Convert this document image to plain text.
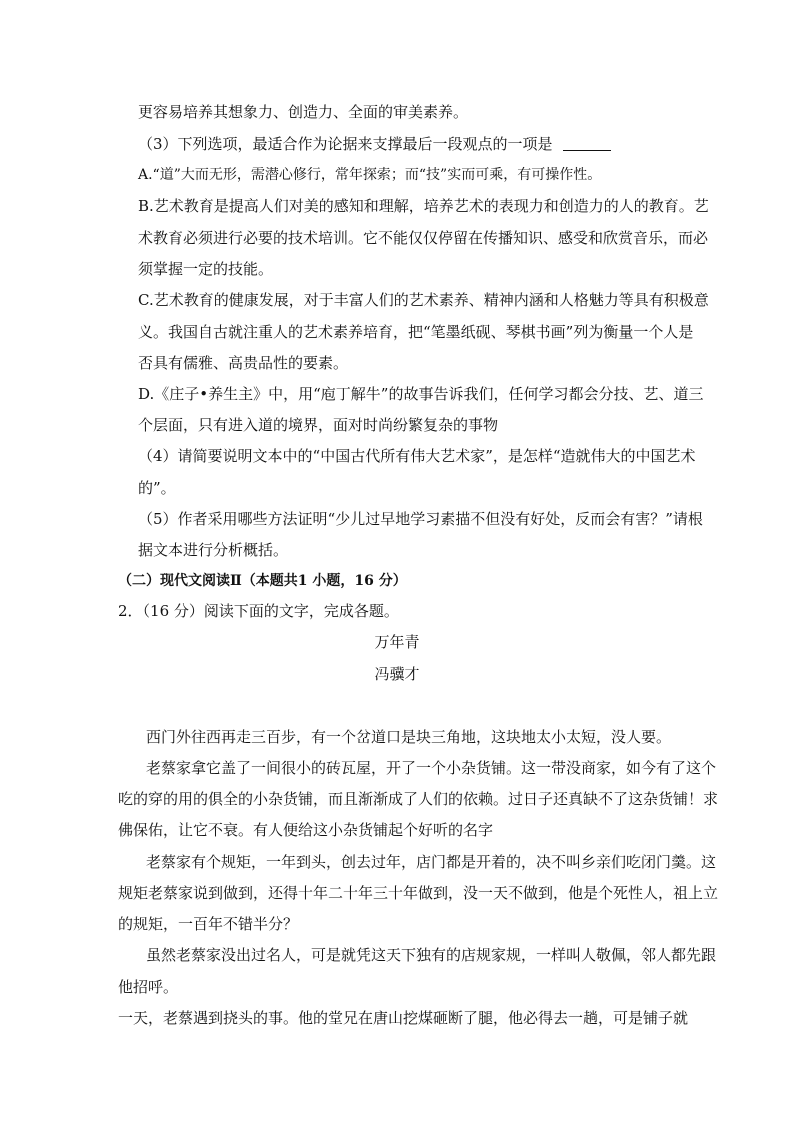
更容易培养其想象力、创造力、全面的审美素养。
（3）下列选项，最适合作为论据来支撑最后一段观点的一项是
A.“道”大而无形，需潜心修行，常年探索；而“技”实而可乘，有可操作性。
B.艺术教育是提高人们对美的感知和理解，培养艺术的表现力和创造力的人的教育。艺
术教育必须进行必要的技术培训。它不能仅仅停留在传播知识、感受和欣赏音乐，而必
须掌握一定的技能。
C.艺术教育的健康发展，对于丰富人们的艺术素养、精神内涵和人格魅力等具有积极意
义。我国自古就注重人的艺术素养培育，把“笔墨纸砚、琴棋书画”列为衡量一个人是
否具有儒雅、高贵品性的要素。
D.《庄子•养生主》中，用“庖丁解牛”的故事告诉我们，任何学习都会分技、艺、道三
个层面，只有进入道的境界，面对时尚纷繁复杂的事物
（4）请简要说明文本中的“中国古代所有伟大艺术家”，是怎样“造就伟大的中国艺术
的”。
（5）作者采用哪些方法证明“少儿过早地学习素描不但没有好处，反而会有害？”请根
据文本进行分析概括。
（二）现代文阅读Ⅱ（本题共1 小题，16 分）
2．（16 分）阅读下面的文字，完成各题。
万年青
冯骥才
西门外往西再走三百步，有一个岔道口是块三角地，这块地太小太短，没人要。
老蔡家拿它盖了一间很小的砖瓦屋，开了一个小杂货铺。这一带没商家，如今有了这个
吃的穿的用的俱全的小杂货铺，而且渐渐成了人们的依赖。过日子还真缺不了这杂货铺！求
佛保佑，让它不衰。有人便给这小杂货铺起个好听的名字
老蔡家有个规矩，一年到头，创去过年，店门都是开着的，决不叫乡亲们吃闭门羹。这
规矩老蔡家说到做到，还得十年二十年三十年做到，没一天不做到，他是个死性人，祖上立
的规矩，一百年不错半分？
虽然老蔡家没出过名人，可是就凭这天下独有的店规家规，一样叫人敬佩，邻人都先跟
他招呼。
一天，老蔡遇到挠头的事。他的堂兄在唐山挖煤砸断了腿，他必得去一趟，可是铺子就
